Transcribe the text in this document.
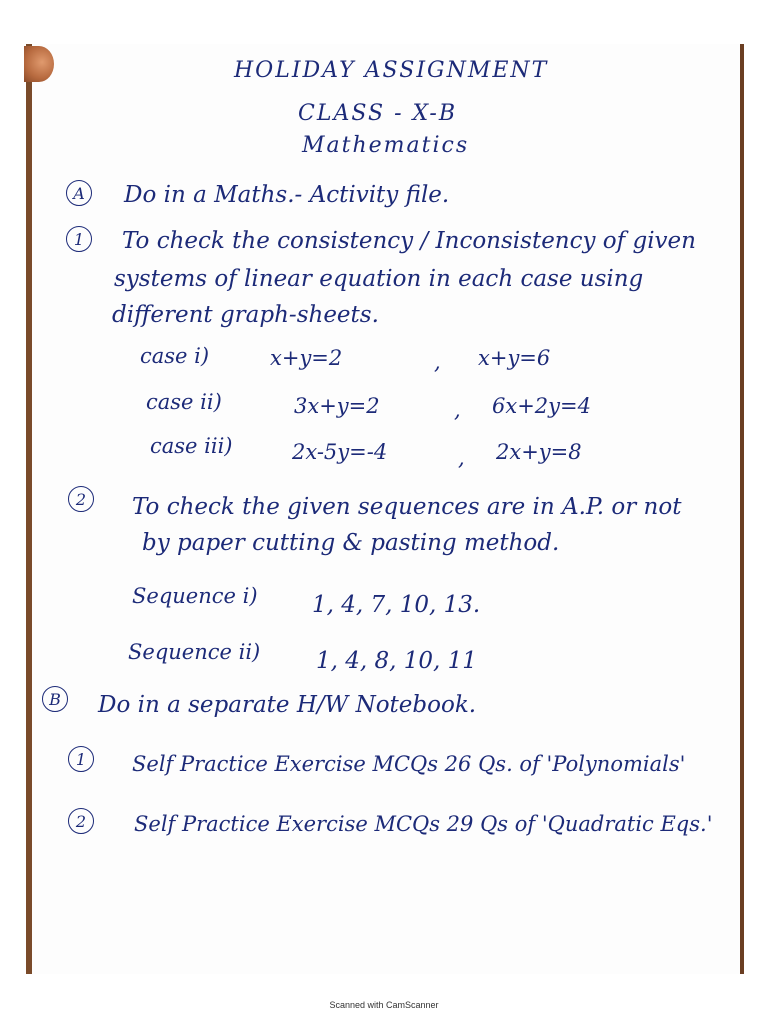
HOLIDAY ASSIGNMENT
CLASS - X-B
Mathematics
A	Do in a Maths.- Activity file.
1	To check the consistency / Inconsistency of given
systems of linear equation in each case using
different graph-sheets.
case i)	x+y=2	, x+y=6
case ii)	3x+y=2	, 6x+2y=4
case iii)	2x-5y=-4	, 2x+y=8
2	To check the given sequences are in A.P. or not
by paper cutting & pasting method.
Sequence i) 1, 4, 7, 10, 13.
Sequence ii) 1, 4, 8, 10, 11
B	Do in a separate H/W Notebook.
1	Self Practice Exercise MCQs 26 Qs. of 'Polynomials'
2	Self Practice Exercise MCQs 29 Qs of 'Quadratic Eqs.'
Scanned with CamScanner
